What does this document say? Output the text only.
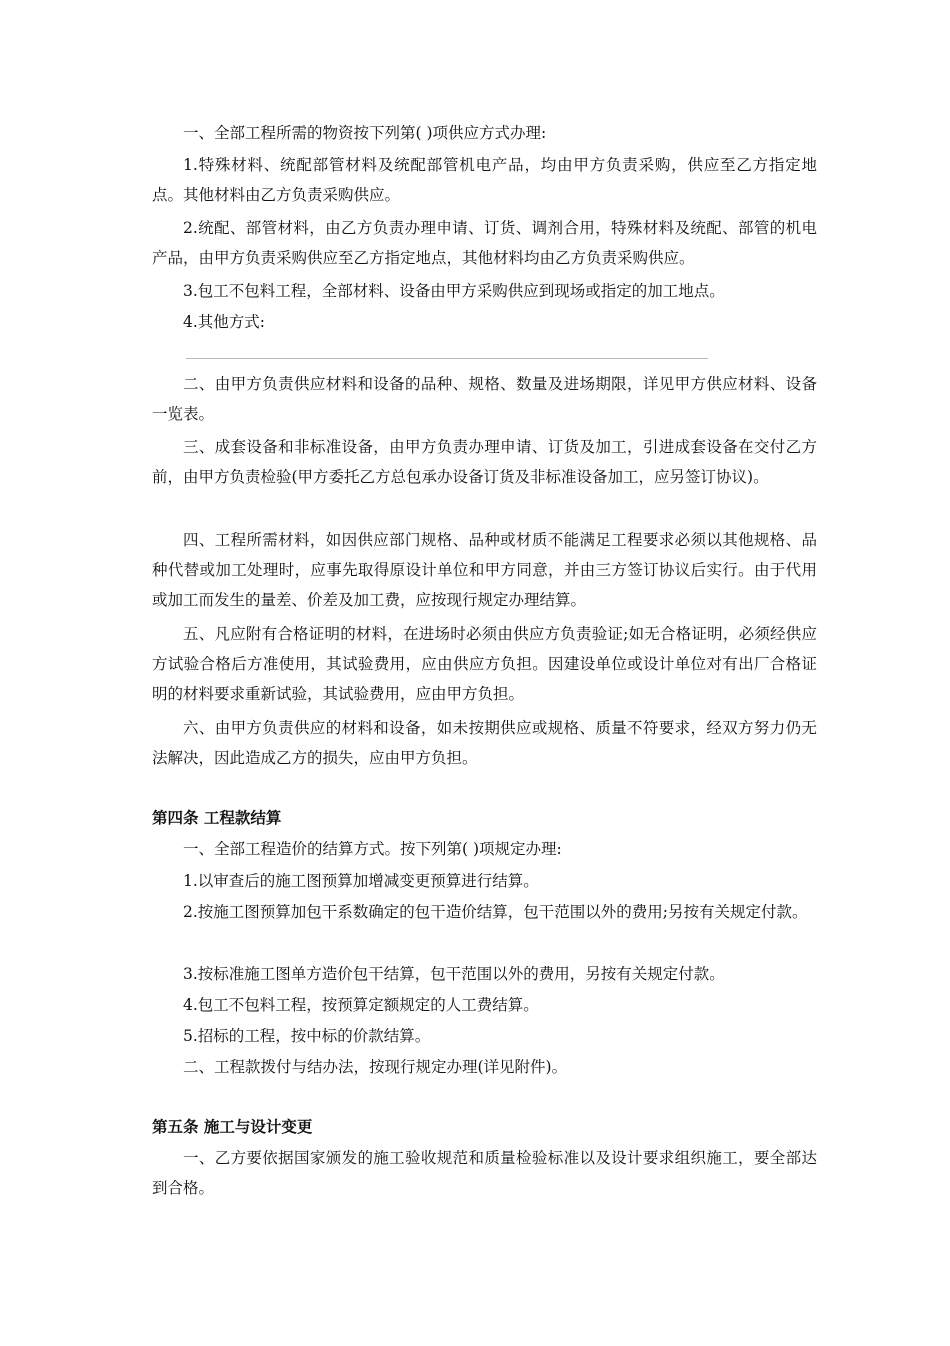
一、全部工程所需的物资按下列第( )项供应方式办理:

1.特殊材料、统配部管材料及统配部管机电产品，均由甲方负责采购，供应至乙方指定地点。其他材料由乙方负责采购供应。

2.统配、部管材料，由乙方负责办理申请、订货、调剂合用，特殊材料及统配、部管的机电产品，由甲方负责采购供应至乙方指定地点，其他材料均由乙方负责采购供应。

3.包工不包料工程，全部材料、设备由甲方采购供应到现场或指定的加工地点。

4.其他方式:

二、由甲方负责供应材料和设备的品种、规格、数量及进场期限，详见甲方供应材料、设备一览表。

三、成套设备和非标准设备，由甲方负责办理申请、订货及加工，引进成套设备在交付乙方前，由甲方负责检验(甲方委托乙方总包承办设备订货及非标准设备加工，应另签订协议)。

四、工程所需材料，如因供应部门规格、品种或材质不能满足工程要求必须以其他规格、品种代替或加工处理时，应事先取得原设计单位和甲方同意，并由三方签订协议后实行。由于代用或加工而发生的量差、价差及加工费，应按现行规定办理结算。

五、凡应附有合格证明的材料，在进场时必须由供应方负责验证;如无合格证明，必须经供应方试验合格后方准使用，其试验费用，应由供应方负担。因建设单位或设计单位对有出厂合格证明的材料要求重新试验，其试验费用，应由甲方负担。

六、由甲方负责供应的材料和设备，如未按期供应或规格、质量不符要求，经双方努力仍无法解决，因此造成乙方的损失，应由甲方负担。

第四条 工程款结算

一、全部工程造价的结算方式。按下列第( )项规定办理:

1.以审查后的施工图预算加增减变更预算进行结算。

2.按施工图预算加包干系数确定的包干造价结算，包干范围以外的费用;另按有关规定付款。

3.按标准施工图单方造价包干结算，包干范围以外的费用，另按有关规定付款。

4.包工不包料工程，按预算定额规定的人工费结算。

5.招标的工程，按中标的价款结算。

二、工程款拨付与结办法，按现行规定办理(详见附件)。

第五条 施工与设计变更

一、乙方要依据国家颁发的施工验收规范和质量检验标准以及设计要求组织施工，要全部达到合格。
